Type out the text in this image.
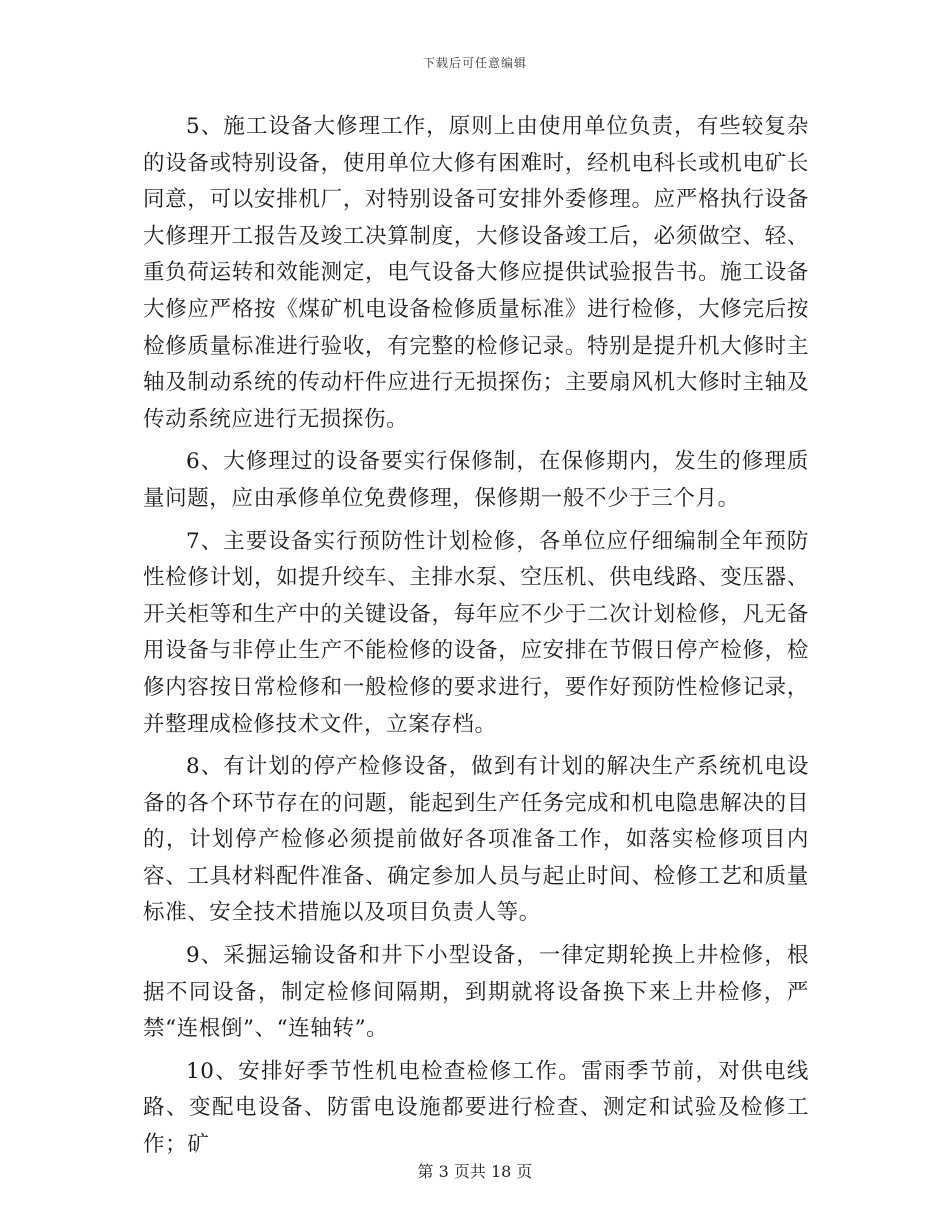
下载后可任意编辑

5、施工设备大修理工作，原则上由使用单位负责，有些较复杂的设备或特别设备，使用单位大修有困难时，经机电科长或机电矿长同意，可以安排机厂，对特别设备可安排外委修理。应严格执行设备大修理开工报告及竣工决算制度，大修设备竣工后，必须做空、轻、重负荷运转和效能测定，电气设备大修应提供试验报告书。施工设备大修应严格按《煤矿机电设备检修质量标准》进行检修，大修完后按检修质量标准进行验收，有完整的检修记录。特别是提升机大修时主轴及制动系统的传动杆件应进行无损探伤；主要扇风机大修时主轴及传动系统应进行无损探伤。

6、大修理过的设备要实行保修制，在保修期内，发生的修理质量问题，应由承修单位免费修理，保修期一般不少于三个月。

7、主要设备实行预防性计划检修，各单位应仔细编制全年预防性检修计划，如提升绞车、主排水泵、空压机、供电线路、变压器、开关柜等和生产中的关键设备，每年应不少于二次计划检修，凡无备用设备与非停止生产不能检修的设备，应安排在节假日停产检修，检修内容按日常检修和一般检修的要求进行，要作好预防性检修记录，并整理成检修技术文件，立案存档。

8、有计划的停产检修设备，做到有计划的解决生产系统机电设备的各个环节存在的问题，能起到生产任务完成和机电隐患解决的目的，计划停产检修必须提前做好各项准备工作，如落实检修项目内容、工具材料配件准备、确定参加人员与起止时间、检修工艺和质量标准、安全技术措施以及项目负责人等。

9、采掘运输设备和井下小型设备，一律定期轮换上井检修，根据不同设备，制定检修间隔期，到期就将设备换下来上井检修，严禁“连根倒”、“连轴转”。

10、安排好季节性机电检查检修工作。雷雨季节前，对供电线路、变配电设备、防雷电设施都要进行检查、测定和试验及检修工作；矿

第 3 页共 18 页
